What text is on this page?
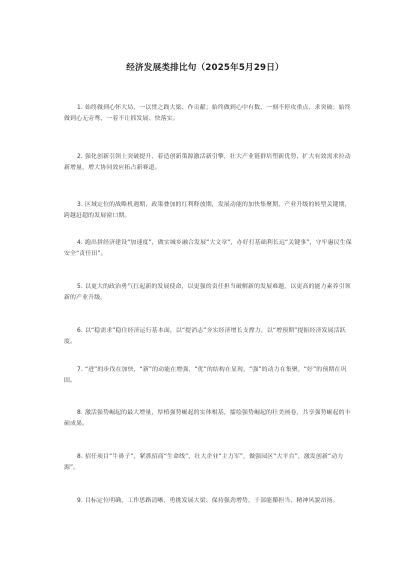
经济发展类排比句（2025年5月29日）

1. 始终做到心怀大局、一以贯之践大梁、作贡献；始终做到心中有数、一刻不停攻重点、求突破；始终做到心无旁骛、一着不让抓发展、快落实。

2. 强化创新引领上突破提升，着造创新策源激活新引擎，壮大产业链群培塑新优势，扩大有效需求拉动新增量，增大协同效应拓占新赛道。

3. 区域定位的战略机遇期，政策叠加的红利释放期，发展动能的加快集聚期，产业升级的转型关键期，跨越赶超的发展窗口期。

4. 跑出拼经济建设“加速度”，做实城乡融合发展“大文章”，办好打基础利长远“关键事”，守牢惠民生保安全“责任田”。

5. 以更大的政治勇气扛起新的发展使命，以更强的责任担当破解新的发展难题，以更高的能力素养引领新的产业升级。

6. 以“稳需求”稳住经济运行基本面，以“提消志”夯实经济增长支撑力，以“增预期”提振经济发展活跃度。

7. “进”的步伐在加快，“新”的动能在增强，“优”的结构在显现，“强”的动力在集聚，“好”的预期在巩固。

8. 激活强势崛起的最大增量，厚植强势崛起的实体根基，擂绘强势崛起的壮美画卷，共享强势崛起的丰硕成果。

8. 招任项目“牛鼻子”，紧抓招商“生命线”，壮大企业“主力军”，做强园区“大平台”，激发创新“动力源”。

9. 目标定位明确、工作思路清晰，勇挑发展大梁、保持强劲增势，干部能攥担当、精神风貌昂扬。
